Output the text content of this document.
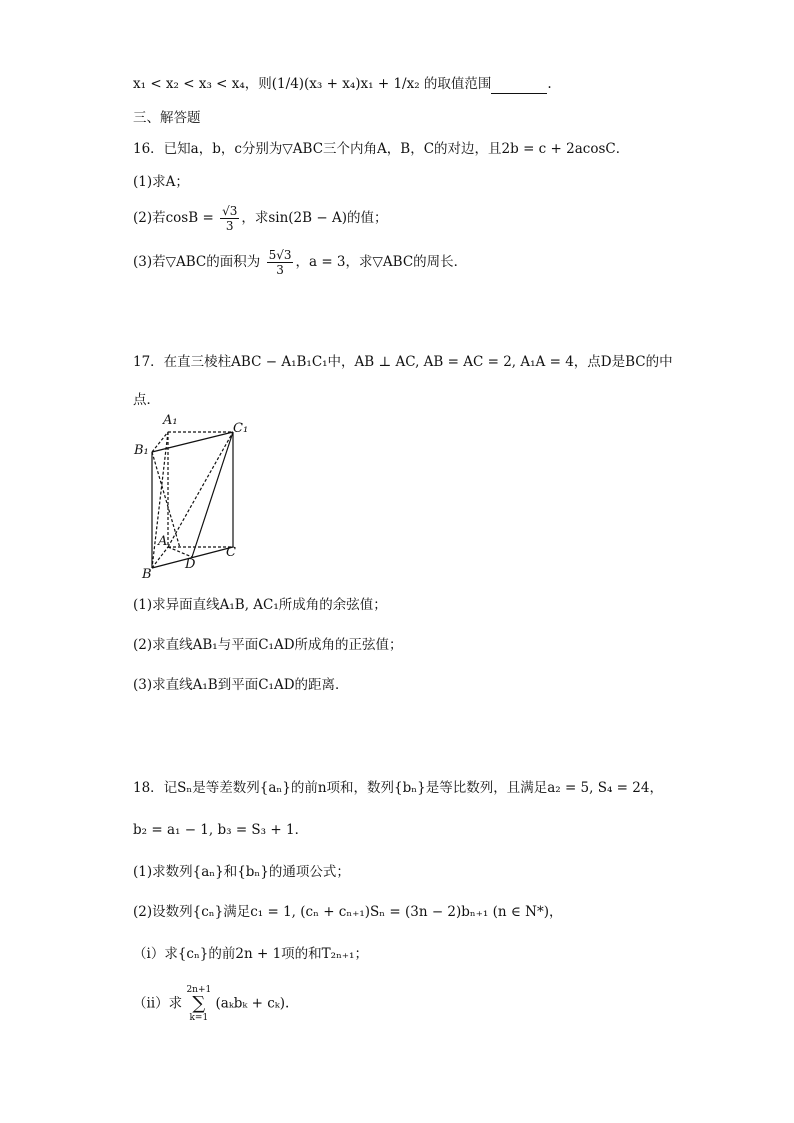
x₁ < x₂ < x₃ < x₄，则(1/4)(x₃ + x₄)x₁ + 1/x₂ 的取值范围	.
三、解答题
16．已知a，b，c分别为▽ABC三个内角A，B，C的对边，且2b = c + 2acosC．
(1)求A；
(2)若$\cos B = \frac{√3}{3}$ ，求sin(2B − A)的值；
(3)若▽ABC的面积为 $\frac{5√3}{3}$ ，a = 3，求▽ABC的周长．
17．在直三棱柱ABC − A₁B₁C₁中，AB ⊥ AC, AB = AC = 2, A₁A = 4，点D是BC的中
点．
A₁
C₁
B₁
A
B
C
D
(1)求异面直线A₁B, AC₁所成角的余弦值；
(2)求直线AB₁与平面C₁AD所成角的正弦值；
(3)求直线A₁B到平面C₁AD的距离．
18．记Sₙ是等差数列{aₙ}的前n项和，数列{bₙ}是等比数列，且满足a₂ = 5, S₄ = 24，
b₂ = a₁ − 1, b₃ = S₃ + 1．
(1)求数列{aₙ}和{bₙ}的通项公式；
(2)设数列{cₙ}满足c₁ = 1, (cₙ + cₙ₊₁)Sₙ = (3n − 2)bₙ₊₁ (n ∈ N*)，
（ⅰ）求{cₙ}的前2n + 1项的和T₂ₙ₊₁；
（ⅱ）求 2n+1
∑
k=1 (aₖbₖ + cₖ).
